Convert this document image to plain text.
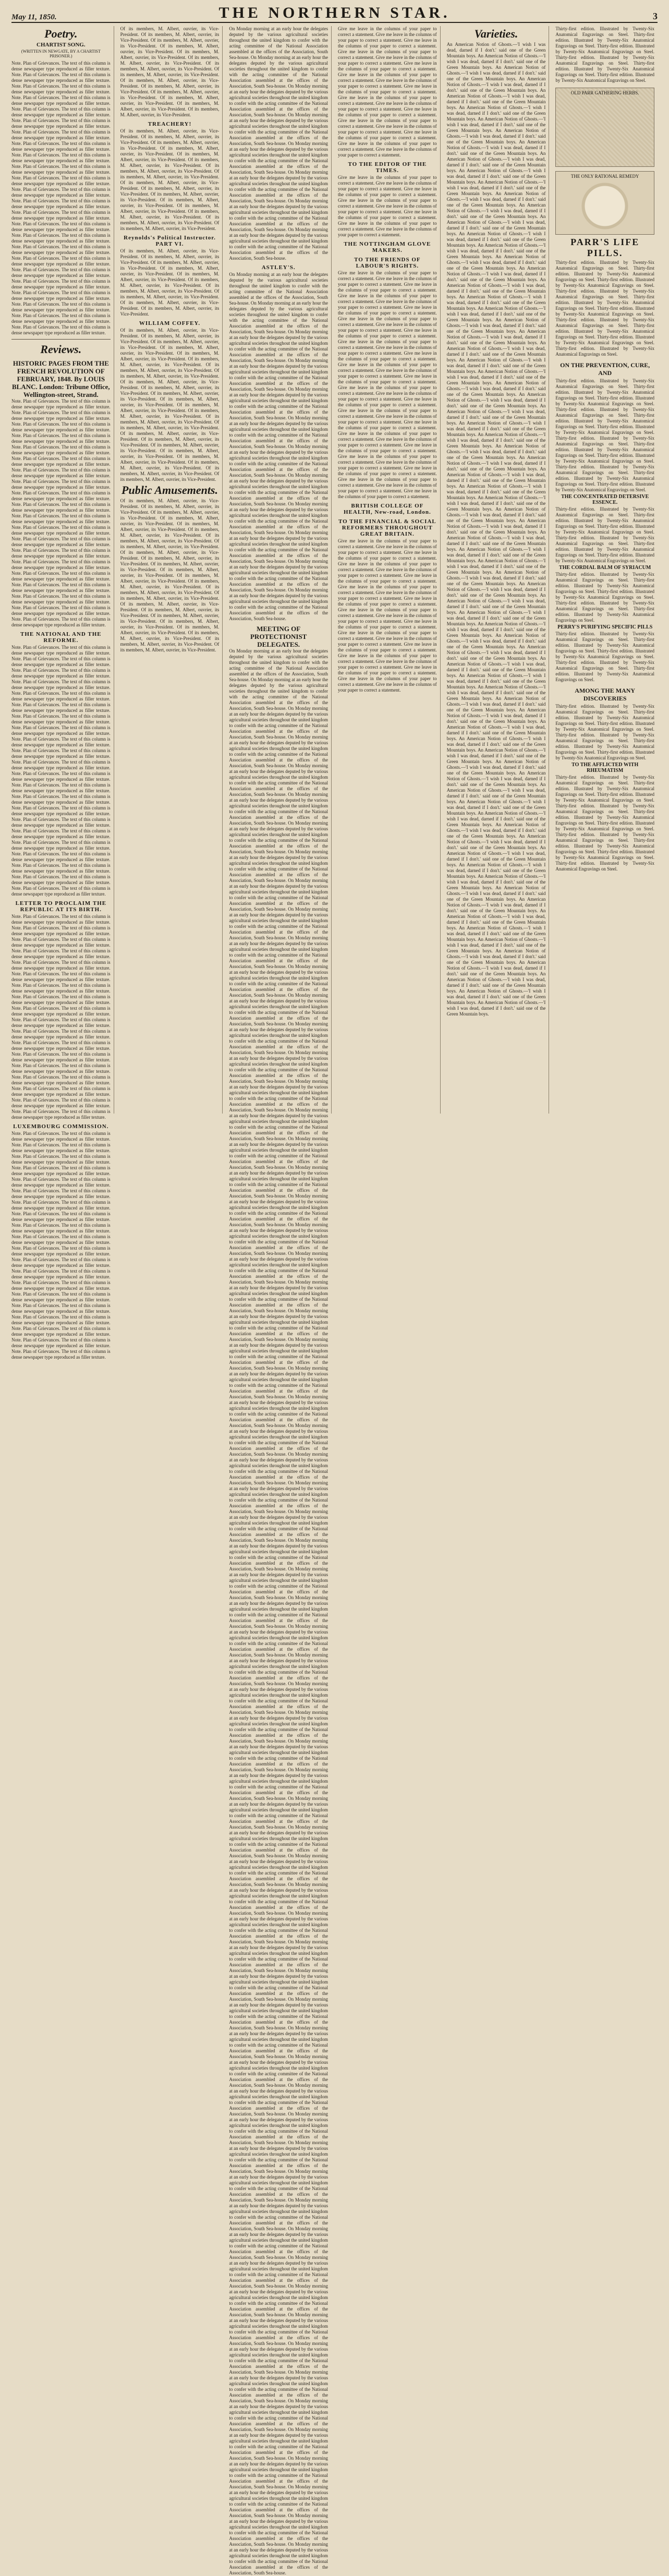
May 11, 1850.	THE NORTHERN STAR.	3
Poetry.
CHARTIST SONG.
(WRITTEN IN NEWGATE, BY A CHARTIST PRISONER.)

Note. Plan of Grievances. The text of this column is dense newspaper type reproduced as filler texture. Note. Plan of Grievances. The text of this column is dense newspaper type reproduced as filler texture. Note. Plan of Grievances. The text of this column is dense newspaper type reproduced as filler texture. Note. Plan of Grievances. The text of this column is dense newspaper type reproduced as filler texture. Note. Plan of Grievances. The text of this column is dense newspaper type reproduced as filler texture. Note. Plan of Grievances. The text of this column is dense newspaper type reproduced as filler texture. Note. Plan of Grievances. The text of this column is dense newspaper type reproduced as filler texture. Note. Plan of Grievances. The text of this column is dense newspaper type reproduced as filler texture. Note. Plan of Grievances. The text of this column is dense newspaper type reproduced as filler texture. Note. Plan of Grievances. The text of this column is dense newspaper type reproduced as filler texture. Note. Plan of Grievances. The text of this column is dense newspaper type reproduced as filler texture. Note. Plan of Grievances. The text of this column is dense newspaper type reproduced as filler texture. Note. Plan of Grievances. The text of this column is dense newspaper type reproduced as filler texture. Note. Plan of Grievances. The text of this column is dense newspaper type reproduced as filler texture. Note. Plan of Grievances. The text of this column is dense newspaper type reproduced as filler texture. Note. Plan of Grievances. The text of this column is dense newspaper type reproduced as filler texture. Note. Plan of Grievances. The text of this column is dense newspaper type reproduced as filler texture. Note. Plan of Grievances. The text of this column is dense newspaper type reproduced as filler texture. Note. Plan of Grievances. The text of this column is dense newspaper type reproduced as filler texture. Note. Plan of Grievances. The text of this column is dense newspaper type reproduced as filler texture. Note. Plan of Grievances. The text of this column is dense newspaper type reproduced as filler texture. Note. Plan of Grievances. The text of this column is dense newspaper type reproduced as filler texture. Note. Plan of Grievances. The text of this column is dense newspaper type reproduced as filler texture. Note. Plan of Grievances. The text of this column is dense newspaper type reproduced as filler texture.

Reviews.
HISTORIC PAGES FROM THE FRENCH REVOLUTION OF FEBRUARY, 1848. By LOUIS BLANC. London: Tribune Office, Wellington-street, Strand.

Note. Plan of Grievances. The text of this column is dense newspaper type reproduced as filler texture. Note. Plan of Grievances. The text of this column is dense newspaper type reproduced as filler texture. Note. Plan of Grievances. The text of this column is dense newspaper type reproduced as filler texture. Note. Plan of Grievances. The text of this column is dense newspaper type reproduced as filler texture. Note. Plan of Grievances. The text of this column is dense newspaper type reproduced as filler texture. Note. Plan of Grievances. The text of this column is dense newspaper type reproduced as filler texture. Note. Plan of Grievances. The text of this column is dense newspaper type reproduced as filler texture. Note. Plan of Grievances. The text of this column is dense newspaper type reproduced as filler texture. Note. Plan of Grievances. The text of this column is dense newspaper type reproduced as filler texture. Note. Plan of Grievances. The text of this column is dense newspaper type reproduced as filler texture. Note. Plan of Grievances. The text of this column is dense newspaper type reproduced as filler texture. Note. Plan of Grievances. The text of this column is dense newspaper type reproduced as filler texture. Note. Plan of Grievances. The text of this column is dense newspaper type reproduced as filler texture. Note. Plan of Grievances. The text of this column is dense newspaper type reproduced as filler texture. Note. Plan of Grievances. The text of this column is dense newspaper type reproduced as filler texture. Note. Plan of Grievances. The text of this column is dense newspaper type reproduced as filler texture. Note. Plan of Grievances. The text of this column is dense newspaper type reproduced as filler texture. Note. Plan of Grievances. The text of this column is dense newspaper type reproduced as filler texture. Note. Plan of Grievances. The text of this column is dense newspaper type reproduced as filler texture. Note. Plan of Grievances. The text of this column is dense newspaper type reproduced as filler texture.

THE NATIONAL AND THE REFORME.

Note. Plan of Grievances. The text of this column is dense newspaper type reproduced as filler texture. Note. Plan of Grievances. The text of this column is dense newspaper type reproduced as filler texture. Note. Plan of Grievances. The text of this column is dense newspaper type reproduced as filler texture. Note. Plan of Grievances. The text of this column is dense newspaper type reproduced as filler texture. Note. Plan of Grievances. The text of this column is dense newspaper type reproduced as filler texture. Note. Plan of Grievances. The text of this column is dense newspaper type reproduced as filler texture. Note. Plan of Grievances. The text of this column is dense newspaper type reproduced as filler texture. Note. Plan of Grievances. The text of this column is dense newspaper type reproduced as filler texture. Note. Plan of Grievances. The text of this column is dense newspaper type reproduced as filler texture. Note. Plan of Grievances. The text of this column is dense newspaper type reproduced as filler texture. Note. Plan of Grievances. The text of this column is dense newspaper type reproduced as filler texture. Note. Plan of Grievances. The text of this column is dense newspaper type reproduced as filler texture. Note. Plan of Grievances. The text of this column is dense newspaper type reproduced as filler texture. Note. Plan of Grievances. The text of this column is dense newspaper type reproduced as filler texture. Note. Plan of Grievances. The text of this column is dense newspaper type reproduced as filler texture. Note. Plan of Grievances. The text of this column is dense newspaper type reproduced as filler texture. Note. Plan of Grievances. The text of this column is dense newspaper type reproduced as filler texture. Note. Plan of Grievances. The text of this column is dense newspaper type reproduced as filler texture. Note. Plan of Grievances. The text of this column is dense newspaper type reproduced as filler texture. Note. Plan of Grievances. The text of this column is dense newspaper type reproduced as filler texture. Note. Plan of Grievances. The text of this column is dense newspaper type reproduced as filler texture. Note. Plan of Grievances. The text of this column is dense newspaper type reproduced as filler texture.

LETTER TO PROCLAIM THE REPUBLIC AT ITS BIRTH.

Note. Plan of Grievances. The text of this column is dense newspaper type reproduced as filler texture. Note. Plan of Grievances. The text of this column is dense newspaper type reproduced as filler texture. Note. Plan of Grievances. The text of this column is dense newspaper type reproduced as filler texture. Note. Plan of Grievances. The text of this column is dense newspaper type reproduced as filler texture. Note. Plan of Grievances. The text of this column is dense newspaper type reproduced as filler texture. Note. Plan of Grievances. The text of this column is dense newspaper type reproduced as filler texture. Note. Plan of Grievances. The text of this column is dense newspaper type reproduced as filler texture. Note. Plan of Grievances. The text of this column is dense newspaper type reproduced as filler texture. Note. Plan of Grievances. The text of this column is dense newspaper type reproduced as filler texture. Note. Plan of Grievances. The text of this column is dense newspaper type reproduced as filler texture. Note. Plan of Grievances. The text of this column is dense newspaper type reproduced as filler texture. Note. Plan of Grievances. The text of this column is dense newspaper type reproduced as filler texture. Note. Plan of Grievances. The text of this column is dense newspaper type reproduced as filler texture. Note. Plan of Grievances. The text of this column is dense newspaper type reproduced as filler texture. Note. Plan of Grievances. The text of this column is dense newspaper type reproduced as filler texture. Note. Plan of Grievances. The text of this column is dense newspaper type reproduced as filler texture. Note. Plan of Grievances. The text of this column is dense newspaper type reproduced as filler texture. Note. Plan of Grievances. The text of this column is dense newspaper type reproduced as filler texture.

LUXEMBOURG COMMISSION.

Note. Plan of Grievances. The text of this column is dense newspaper type reproduced as filler texture. Note. Plan of Grievances. The text of this column is dense newspaper type reproduced as filler texture. Note. Plan of Grievances. The text of this column is dense newspaper type reproduced as filler texture. Note. Plan of Grievances. The text of this column is dense newspaper type reproduced as filler texture. Note. Plan of Grievances. The text of this column is dense newspaper type reproduced as filler texture. Note. Plan of Grievances. The text of this column is dense newspaper type reproduced as filler texture. Note. Plan of Grievances. The text of this column is dense newspaper type reproduced as filler texture. Note. Plan of Grievances. The text of this column is dense newspaper type reproduced as filler texture. Note. Plan of Grievances. The text of this column is dense newspaper type reproduced as filler texture. Note. Plan of Grievances. The text of this column is dense newspaper type reproduced as filler texture. Note. Plan of Grievances. The text of this column is dense newspaper type reproduced as filler texture. Note. Plan of Grievances. The text of this column is dense newspaper type reproduced as filler texture. Note. Plan of Grievances. The text of this column is dense newspaper type reproduced as filler texture. Note. Plan of Grievances. The text of this column is dense newspaper type reproduced as filler texture. Note. Plan of Grievances. The text of this column is dense newspaper type reproduced as filler texture. Note. Plan of Grievances. The text of this column is dense newspaper type reproduced as filler texture. Note. Plan of Grievances. The text of this column is dense newspaper type reproduced as filler texture. Note. Plan of Grievances. The text of this column is dense newspaper type reproduced as filler texture. Note. Plan of Grievances. The text of this column is dense newspaper type reproduced as filler texture. Note. Plan of Grievances. The text of this column is dense newspaper type reproduced as filler texture.

Of its members, M. Albert, ouvrier, its Vice-President. Of its members, M. Albert, ouvrier, its Vice-President. Of its members, M. Albert, ouvrier, its Vice-President. Of its members, M. Albert, ouvrier, its Vice-President. Of its members, M. Albert, ouvrier, its Vice-President. Of its members, M. Albert, ouvrier, its Vice-President. Of its members, M. Albert, ouvrier, its Vice-President. Of its members, M. Albert, ouvrier, its Vice-President. Of its members, M. Albert, ouvrier, its Vice-President. Of its members, M. Albert, ouvrier, its Vice-President. Of its members, M. Albert, ouvrier, its Vice-President. Of its members, M. Albert, ouvrier, its Vice-President. Of its members, M. Albert, ouvrier, its Vice-President. Of its members, M. Albert, ouvrier, its Vice-President.

TREACHERY!

Of its members, M. Albert, ouvrier, its Vice-President. Of its members, M. Albert, ouvrier, its Vice-President. Of its members, M. Albert, ouvrier, its Vice-President. Of its members, M. Albert, ouvrier, its Vice-President. Of its members, M. Albert, ouvrier, its Vice-President. Of its members, M. Albert, ouvrier, its Vice-President. Of its members, M. Albert, ouvrier, its Vice-President. Of its members, M. Albert, ouvrier, its Vice-President. Of its members, M. Albert, ouvrier, its Vice-President. Of its members, M. Albert, ouvrier, its Vice-President. Of its members, M. Albert, ouvrier, its Vice-President. Of its members, M. Albert, ouvrier, its Vice-President. Of its members, M. Albert, ouvrier, its Vice-President. Of its members, M. Albert, ouvrier, its Vice-President. Of its members, M. Albert, ouvrier, its Vice-President. Of its members, M. Albert, ouvrier, its Vice-President.

Reynolds's Political Instructor. PART VI.

Of its members, M. Albert, ouvrier, its Vice-President. Of its members, M. Albert, ouvrier, its Vice-President. Of its members, M. Albert, ouvrier, its Vice-President. Of its members, M. Albert, ouvrier, its Vice-President. Of its members, M. Albert, ouvrier, its Vice-President. Of its members, M. Albert, ouvrier, its Vice-President. Of its members, M. Albert, ouvrier, its Vice-President. Of its members, M. Albert, ouvrier, its Vice-President. Of its members, M. Albert, ouvrier, its Vice-President. Of its members, M. Albert, ouvrier, its Vice-President.

WILLIAM COFFEY.

Of its members, M. Albert, ouvrier, its Vice-President. Of its members, M. Albert, ouvrier, its Vice-President. Of its members, M. Albert, ouvrier, its Vice-President. Of its members, M. Albert, ouvrier, its Vice-President. Of its members, M. Albert, ouvrier, its Vice-President. Of its members, M. Albert, ouvrier, its Vice-President. Of its members, M. Albert, ouvrier, its Vice-President. Of its members, M. Albert, ouvrier, its Vice-President. Of its members, M. Albert, ouvrier, its Vice-President. Of its members, M. Albert, ouvrier, its Vice-President. Of its members, M. Albert, ouvrier, its Vice-President. Of its members, M. Albert, ouvrier, its Vice-President. Of its members, M. Albert, ouvrier, its Vice-President. Of its members, M. Albert, ouvrier, its Vice-President. Of its members, M. Albert, ouvrier, its Vice-President. Of its members, M. Albert, ouvrier, its Vice-President. Of its members, M. Albert, ouvrier, its Vice-President. Of its members, M. Albert, ouvrier, its Vice-President. Of its members, M. Albert, ouvrier, its Vice-President. Of its members, M. Albert, ouvrier, its Vice-President. Of its members, M. Albert, ouvrier, its Vice-President. Of its members, M. Albert, ouvrier, its Vice-President. Of its members, M. Albert, ouvrier, its Vice-President. Of its members, M. Albert, ouvrier, its Vice-President.

Public Amusements.

Of its members, M. Albert, ouvrier, its Vice-President. Of its members, M. Albert, ouvrier, its Vice-President. Of its members, M. Albert, ouvrier, its Vice-President. Of its members, M. Albert, ouvrier, its Vice-President. Of its members, M. Albert, ouvrier, its Vice-President. Of its members, M. Albert, ouvrier, its Vice-President. Of its members, M. Albert, ouvrier, its Vice-President. Of its members, M. Albert, ouvrier, its Vice-President. Of its members, M. Albert, ouvrier, its Vice-President. Of its members, M. Albert, ouvrier, its Vice-President. Of its members, M. Albert, ouvrier, its Vice-President. Of its members, M. Albert, ouvrier, its Vice-President. Of its members, M. Albert, ouvrier, its Vice-President. Of its members, M. Albert, ouvrier, its Vice-President. Of its members, M. Albert, ouvrier, its Vice-President. Of its members, M. Albert, ouvrier, its Vice-President. Of its members, M. Albert, ouvrier, its Vice-President. Of its members, M. Albert, ouvrier, its Vice-President. Of its members, M. Albert, ouvrier, its Vice-President. Of its members, M. Albert, ouvrier, its Vice-President. Of its members, M. Albert, ouvrier, its Vice-President. Of its members, M. Albert, ouvrier, its Vice-President. Of its members, M. Albert, ouvrier, its Vice-President. Of its members, M. Albert, ouvrier, its Vice-President.

On Monday morning at an early hour the delegates deputed by the various agricultural societies throughout the united kingdom to confer with the acting committee of the National Association assembled at the offices of the Association, South Sea-house. On Monday morning at an early hour the delegates deputed by the various agricultural societies throughout the united kingdom to confer with the acting committee of the National Association assembled at the offices of the Association, South Sea-house. On Monday morning at an early hour the delegates deputed by the various agricultural societies throughout the united kingdom to confer with the acting committee of the National Association assembled at the offices of the Association, South Sea-house. On Monday morning at an early hour the delegates deputed by the various agricultural societies throughout the united kingdom to confer with the acting committee of the National Association assembled at the offices of the Association, South Sea-house. On Monday morning at an early hour the delegates deputed by the various agricultural societies throughout the united kingdom to confer with the acting committee of the National Association assembled at the offices of the Association, South Sea-house. On Monday morning at an early hour the delegates deputed by the various agricultural societies throughout the united kingdom to confer with the acting committee of the National Association assembled at the offices of the Association, South Sea-house. On Monday morning at an early hour the delegates deputed by the various agricultural societies throughout the united kingdom to confer with the acting committee of the National Association assembled at the offices of the Association, South Sea-house. On Monday morning at an early hour the delegates deputed by the various agricultural societies throughout the united kingdom to confer with the acting committee of the National Association assembled at the offices of the Association, South Sea-house.

ASTLEY'S.

On Monday morning at an early hour the delegates deputed by the various agricultural societies throughout the united kingdom to confer with the acting committee of the National Association assembled at the offices of the Association, South Sea-house. On Monday morning at an early hour the delegates deputed by the various agricultural societies throughout the united kingdom to confer with the acting committee of the National Association assembled at the offices of the Association, South Sea-house. On Monday morning at an early hour the delegates deputed by the various agricultural societies throughout the united kingdom to confer with the acting committee of the National Association assembled at the offices of the Association, South Sea-house. On Monday morning at an early hour the delegates deputed by the various agricultural societies throughout the united kingdom to confer with the acting committee of the National Association assembled at the offices of the Association, South Sea-house. On Monday morning at an early hour the delegates deputed by the various agricultural societies throughout the united kingdom to confer with the acting committee of the National Association assembled at the offices of the Association, South Sea-house. On Monday morning at an early hour the delegates deputed by the various agricultural societies throughout the united kingdom to confer with the acting committee of the National Association assembled at the offices of the Association, South Sea-house. On Monday morning at an early hour the delegates deputed by the various agricultural societies throughout the united kingdom to confer with the acting committee of the National Association assembled at the offices of the Association, South Sea-house. On Monday morning at an early hour the delegates deputed by the various agricultural societies throughout the united kingdom to confer with the acting committee of the National Association assembled at the offices of the Association, South Sea-house. On Monday morning at an early hour the delegates deputed by the various agricultural societies throughout the united kingdom to confer with the acting committee of the National Association assembled at the offices of the Association, South Sea-house. On Monday morning at an early hour the delegates deputed by the various agricultural societies throughout the united kingdom to confer with the acting committee of the National Association assembled at the offices of the Association, South Sea-house. On Monday morning at an early hour the delegates deputed by the various agricultural societies throughout the united kingdom to confer with the acting committee of the National Association assembled at the offices of the Association, South Sea-house. On Monday morning at an early hour the delegates deputed by the various agricultural societies throughout the united kingdom to confer with the acting committee of the National Association assembled at the offices of the Association, South Sea-house.

MEETING OF PROTECTIONIST DELEGATES.

On Monday morning at an early hour the delegates deputed by the various agricultural societies throughout the united kingdom to confer with the acting committee of the National Association assembled at the offices of the Association, South Sea-house. On Monday morning at an early hour the delegates deputed by the various agricultural societies throughout the united kingdom to confer with the acting committee of the National Association assembled at the offices of the Association, South Sea-house. On Monday morning at an early hour the delegates deputed by the various agricultural societies throughout the united kingdom to confer with the acting committee of the National Association assembled at the offices of the Association, South Sea-house. On Monday morning at an early hour the delegates deputed by the various agricultural societies throughout the united kingdom to confer with the acting committee of the National Association assembled at the offices of the Association, South Sea-house. On Monday morning at an early hour the delegates deputed by the various agricultural societies throughout the united kingdom to confer with the acting committee of the National Association assembled at the offices of the Association, South Sea-house. On Monday morning at an early hour the delegates deputed by the various agricultural societies throughout the united kingdom to confer with the acting committee of the National Association assembled at the offices of the Association, South Sea-house. On Monday morning at an early hour the delegates deputed by the various agricultural societies throughout the united kingdom to confer with the acting committee of the National Association assembled at the offices of the Association, South Sea-house. On Monday morning at an early hour the delegates deputed by the various agricultural societies throughout the united kingdom to confer with the acting committee of the National Association assembled at the offices of the Association, South Sea-house. On Monday morning at an early hour the delegates deputed by the various agricultural societies throughout the united kingdom to confer with the acting committee of the National Association assembled at the offices of the Association, South Sea-house. On Monday morning at an early hour the delegates deputed by the various agricultural societies throughout the united kingdom to confer with the acting committee of the National Association assembled at the offices of the Association, South Sea-house. On Monday morning at an early hour the delegates deputed by the various agricultural societies throughout the united kingdom to confer with the acting committee of the National Association assembled at the offices of the Association, South Sea-house. On Monday morning at an early hour the delegates deputed by the various agricultural societies throughout the united kingdom to confer with the acting committee of the National Association assembled at the offices of the Association, South Sea-house. On Monday morning at an early hour the delegates deputed by the various agricultural societies throughout the united kingdom to confer with the acting committee of the National Association assembled at the offices of the Association, South Sea-house. On Monday morning at an early hour the delegates deputed by the various agricultural societies throughout the united kingdom to confer with the acting committee of the National Association assembled at the offices of the Association, South Sea-house. On Monday morning at an early hour the delegates deputed by the various agricultural societies throughout the united kingdom to confer with the acting committee of the National Association assembled at the offices of the Association, South Sea-house. On Monday morning at an early hour the delegates deputed by the various agricultural societies throughout the united kingdom to confer with the acting committee of the National Association assembled at the offices of the Association, South Sea-house. On Monday morning at an early hour the delegates deputed by the various agricultural societies throughout the united kingdom to confer with the acting committee of the National Association assembled at the offices of the Association, South Sea-house. On Monday morning at an early hour the delegates deputed by the various agricultural societies throughout the united kingdom to confer with the acting committee of the National Association assembled at the offices of the Association, South Sea-house. On Monday morning at an early hour the delegates deputed by the various agricultural societies throughout the united kingdom to confer with the acting committee of the National Association assembled at the offices of the Association, South Sea-house. On Monday morning at an early hour the delegates deputed by the various agricultural societies throughout the united kingdom to confer with the acting committee of the National Association assembled at the offices of the Association, South Sea-house. On Monday morning at an early hour the delegates deputed by the various agricultural societies throughout the united kingdom to confer with the acting committee of the National Association assembled at the offices of the Association, South Sea-house. On Monday morning at an early hour the delegates deputed by the various agricultural societies throughout the united kingdom to confer with the acting committee of the National Association assembled at the offices of the Association, South Sea-house. On Monday morning at an early hour the delegates deputed by the various agricultural societies throughout the united kingdom to confer with the acting committee of the National Association assembled at the offices of the Association, South Sea-house. On Monday morning at an early hour the delegates deputed by the various agricultural societies throughout the united kingdom to confer with the acting committee of the National Association assembled at the offices of the Association, South Sea-house. On Monday morning at an early hour the delegates deputed by the various agricultural societies throughout the united kingdom to confer with the acting committee of the National Association assembled at the offices of the Association, South Sea-house. On Monday morning at an early hour the delegates deputed by the various agricultural societies throughout the united kingdom to confer with the acting committee of the National Association assembled at the offices of the Association, South Sea-house. On Monday morning at an early hour the delegates deputed by the various agricultural societies throughout the united kingdom to confer with the acting committee of the National Association assembled at the offices of the Association, South Sea-house. On Monday morning at an early hour the delegates deputed by the various agricultural societies throughout the united kingdom to confer with the acting committee of the National Association assembled at the offices of the Association, South Sea-house. On Monday morning at an early hour the delegates deputed by the various agricultural societies throughout the united kingdom to confer with the acting committee of the National Association assembled at the offices of the Association, South Sea-house. On Monday morning at an early hour the delegates deputed by the various agricultural societies throughout the united kingdom to confer with the acting committee of the National Association assembled at the offices of the Association, South Sea-house. On Monday morning at an early hour the delegates deputed by the various agricultural societies throughout the united kingdom to confer with the acting committee of the National Association assembled at the offices of the Association, South Sea-house. On Monday morning at an early hour the delegates deputed by the various agricultural societies throughout the united kingdom to confer with the acting committee of the National Association assembled at the offices of the Association, South Sea-house. On Monday morning at an early hour the delegates deputed by the various agricultural societies throughout the united kingdom to confer with the acting committee of the National Association assembled at the offices of the Association, South Sea-house. On Monday morning at an early hour the delegates deputed by the various agricultural societies throughout the united kingdom to confer with the acting committee of the National Association assembled at the offices of the Association, South Sea-house. On Monday morning at an early hour the delegates deputed by the various agricultural societies throughout the united kingdom to confer with the acting committee of the National Association assembled at the offices of the Association, South Sea-house. On Monday morning at an early hour the delegates deputed by the various agricultural societies throughout the united kingdom to confer with the acting committee of the National Association assembled at the offices of the Association, South Sea-house. On Monday morning at an early hour the delegates deputed by the various agricultural societies throughout the united kingdom to confer with the acting committee of the National Association assembled at the offices of the Association, South Sea-house. On Monday morning at an early hour the delegates deputed by the various agricultural societies throughout the united kingdom to confer with the acting committee of the National Association assembled at the offices of the Association, South Sea-house. On Monday morning at an early hour the delegates deputed by the various agricultural societies throughout the united kingdom to confer with the acting committee of the National Association assembled at the offices of the Association, South Sea-house. On Monday morning at an early hour the delegates deputed by the various agricultural societies throughout the united kingdom to confer with the acting committee of the National Association assembled at the offices of the Association, South Sea-house. On Monday morning at an early hour the delegates deputed by the various agricultural societies throughout the united kingdom to confer with the acting committee of the National Association assembled at the offices of the Association, South Sea-house. On Monday morning at an early hour the delegates deputed by the various agricultural societies throughout the united kingdom to confer with the acting committee of the National Association assembled at the offices of the Association, South Sea-house. On Monday morning at an early hour the delegates deputed by the various agricultural societies throughout the united kingdom to confer with the acting committee of the National Association assembled at the offices of the Association, South Sea-house. On Monday morning at an early hour the delegates deputed by the various agricultural societies throughout the united kingdom to confer with the acting committee of the National Association assembled at the offices of the Association, South Sea-house. On Monday morning at an early hour the delegates deputed by the various agricultural societies throughout the united kingdom to confer with the acting committee of the National Association assembled at the offices of the Association, South Sea-house. On Monday morning at an early hour the delegates deputed by the various agricultural societies throughout the united kingdom to confer with the acting committee of the National Association assembled at the offices of the Association, South Sea-house. On Monday morning at an early hour the delegates deputed by the various agricultural societies throughout the united kingdom to confer with the acting committee of the National Association assembled at the offices of the Association, South Sea-house. On Monday morning at an early hour the delegates deputed by the various agricultural societies throughout the united kingdom to confer with the acting committee of the National Association assembled at the offices of the Association, South Sea-house. On Monday morning at an early hour the delegates deputed by the various agricultural societies throughout the united kingdom to confer with the acting committee of the National Association assembled at the offices of the Association, South Sea-house. On Monday morning at an early hour the delegates deputed by the various agricultural societies throughout the united kingdom to confer with the acting committee of the National Association assembled at the offices of the Association, South Sea-house. On Monday morning at an early hour the delegates deputed by the various agricultural societies throughout the united kingdom to confer with the acting committee of the National Association assembled at the offices of the Association, South Sea-house. On Monday morning at an early hour the delegates deputed by the various agricultural societies throughout the united kingdom to confer with the acting committee of the National Association assembled at the offices of the Association, South Sea-house. On Monday morning at an early hour the delegates deputed by the various agricultural societies throughout the united kingdom to confer with the acting committee of the National Association assembled at the offices of the Association, South Sea-house. On Monday morning at an early hour the delegates deputed by the various agricultural societies throughout the united kingdom to confer with the acting committee of the National Association assembled at the offices of the Association, South Sea-house. On Monday morning at an early hour the delegates deputed by the various agricultural societies throughout the united kingdom to confer with the acting committee of the National Association assembled at the offices of the Association, South Sea-house. On Monday morning at an early hour the delegates deputed by the various agricultural societies throughout the united kingdom to confer with the acting committee of the National Association assembled at the offices of the Association, South Sea-house. On Monday morning at an early hour the delegates deputed by the various agricultural societies throughout the united kingdom to confer with the acting committee of the National Association assembled at the offices of the Association, South Sea-house. On Monday morning at an early hour the delegates deputed by the various agricultural societies throughout the united kingdom to confer with the acting committee of the National Association assembled at the offices of the Association, South Sea-house. On Monday morning at an early hour the delegates deputed by the various agricultural societies throughout the united kingdom to confer with the acting committee of the National Association assembled at the offices of the Association, South Sea-house. On Monday morning at an early hour the delegates deputed by the various agricultural societies throughout the united kingdom to confer with the acting committee of the National Association assembled at the offices of the Association, South Sea-house. On Monday morning at an early hour the delegates deputed by the various agricultural societies throughout the united kingdom to confer with the acting committee of the National Association assembled at the offices of the Association, South Sea-house. On Monday morning at an early hour the delegates deputed by the various agricultural societies throughout the united kingdom to confer with the acting committee of the National Association assembled at the offices of the Association, South Sea-house. On Monday morning at an early hour the delegates deputed by the various agricultural societies throughout the united kingdom to confer with the acting committee of the National Association assembled at the offices of the Association, South Sea-house. On Monday morning at an early hour the delegates deputed by the various agricultural societies throughout the united kingdom to confer with the acting committee of the National Association assembled at the offices of the Association, South Sea-house. On Monday morning at an early hour the delegates deputed by the various agricultural societies throughout the united kingdom to confer with the acting committee of the National Association assembled at the offices of the Association, South Sea-house. On Monday morning at an early hour the delegates deputed by the various agricultural societies throughout the united kingdom to confer with the acting committee of the National Association assembled at the offices of the Association, South Sea-house. On Monday morning at an early hour the delegates deputed by the various agricultural societies throughout the united kingdom to confer with the acting committee of the National Association assembled at the offices of the Association, South Sea-house.

Give me leave in the columns of your paper to correct a statement. Give me leave in the columns of your paper to correct a statement. Give me leave in the columns of your paper to correct a statement. Give me leave in the columns of your paper to correct a statement. Give me leave in the columns of your paper to correct a statement. Give me leave in the columns of your paper to correct a statement. Give me leave in the columns of your paper to correct a statement. Give me leave in the columns of your paper to correct a statement. Give me leave in the columns of your paper to correct a statement. Give me leave in the columns of your paper to correct a statement. Give me leave in the columns of your paper to correct a statement. Give me leave in the columns of your paper to correct a statement. Give me leave in the columns of your paper to correct a statement. Give me leave in the columns of your paper to correct a statement. Give me leave in the columns of your paper to correct a statement. Give me leave in the columns of your paper to correct a statement. Give me leave in the columns of your paper to correct a statement.

TO THE EDITOR OF THE TIMES.

Give me leave in the columns of your paper to correct a statement. Give me leave in the columns of your paper to correct a statement. Give me leave in the columns of your paper to correct a statement. Give me leave in the columns of your paper to correct a statement. Give me leave in the columns of your paper to correct a statement. Give me leave in the columns of your paper to correct a statement. Give me leave in the columns of your paper to correct a statement. Give me leave in the columns of your paper to correct a statement.

THE NOTTINGHAM GLOVE MAKERS.
TO THE FRIENDS OF LABOUR'S RIGHTS.

Give me leave in the columns of your paper to correct a statement. Give me leave in the columns of your paper to correct a statement. Give me leave in the columns of your paper to correct a statement. Give me leave in the columns of your paper to correct a statement. Give me leave in the columns of your paper to correct a statement. Give me leave in the columns of your paper to correct a statement. Give me leave in the columns of your paper to correct a statement. Give me leave in the columns of your paper to correct a statement. Give me leave in the columns of your paper to correct a statement. Give me leave in the columns of your paper to correct a statement. Give me leave in the columns of your paper to correct a statement. Give me leave in the columns of your paper to correct a statement. Give me leave in the columns of your paper to correct a statement. Give me leave in the columns of your paper to correct a statement. Give me leave in the columns of your paper to correct a statement. Give me leave in the columns of your paper to correct a statement. Give me leave in the columns of your paper to correct a statement. Give me leave in the columns of your paper to correct a statement. Give me leave in the columns of your paper to correct a statement. Give me leave in the columns of your paper to correct a statement. Give me leave in the columns of your paper to correct a statement. Give me leave in the columns of your paper to correct a statement. Give me leave in the columns of your paper to correct a statement. Give me leave in the columns of your paper to correct a statement. Give me leave in the columns of your paper to correct a statement. Give me leave in the columns of your paper to correct a statement. Give me leave in the columns of your paper to correct a statement. Give me leave in the columns of your paper to correct a statement. Give me leave in the columns of your paper to correct a statement. Give me leave in the columns of your paper to correct a statement.

BRITISH COLLEGE OF HEALTH, New-road, London.
TO THE FINANCIAL & SOCIAL REFORMERS THROUGHOUT GREAT BRITAIN.

Give me leave in the columns of your paper to correct a statement. Give me leave in the columns of your paper to correct a statement. Give me leave in the columns of your paper to correct a statement. Give me leave in the columns of your paper to correct a statement. Give me leave in the columns of your paper to correct a statement. Give me leave in the columns of your paper to correct a statement. Give me leave in the columns of your paper to correct a statement. Give me leave in the columns of your paper to correct a statement. Give me leave in the columns of your paper to correct a statement. Give me leave in the columns of your paper to correct a statement. Give me leave in the columns of your paper to correct a statement. Give me leave in the columns of your paper to correct a statement. Give me leave in the columns of your paper to correct a statement. Give me leave in the columns of your paper to correct a statement. Give me leave in the columns of your paper to correct a statement. Give me leave in the columns of your paper to correct a statement. Give me leave in the columns of your paper to correct a statement. Give me leave in the columns of your paper to correct a statement. Give me leave in the columns of your paper to correct a statement. Give me leave in the columns of your paper to correct a statement.

Varieties.

An American Notion of Ghosts.—'I wish I was dead, darned if I don't.' said one of the Green Mountain boys. An American Notion of Ghosts.—'I wish I was dead, darned if I don't.' said one of the Green Mountain boys. An American Notion of Ghosts.—'I wish I was dead, darned if I don't.' said one of the Green Mountain boys. An American Notion of Ghosts.—'I wish I was dead, darned if I don't.' said one of the Green Mountain boys. An American Notion of Ghosts.—'I wish I was dead, darned if I don't.' said one of the Green Mountain boys. An American Notion of Ghosts.—'I wish I was dead, darned if I don't.' said one of the Green Mountain boys. An American Notion of Ghosts.—'I wish I was dead, darned if I don't.' said one of the Green Mountain boys. An American Notion of Ghosts.—'I wish I was dead, darned if I don't.' said one of the Green Mountain boys. An American Notion of Ghosts.—'I wish I was dead, darned if I don't.' said one of the Green Mountain boys. An American Notion of Ghosts.—'I wish I was dead, darned if I don't.' said one of the Green Mountain boys. An American Notion of Ghosts.—'I wish I was dead, darned if I don't.' said one of the Green Mountain boys. An American Notion of Ghosts.—'I wish I was dead, darned if I don't.' said one of the Green Mountain boys. An American Notion of Ghosts.—'I wish I was dead, darned if I don't.' said one of the Green Mountain boys. An American Notion of Ghosts.—'I wish I was dead, darned if I don't.' said one of the Green Mountain boys. An American Notion of Ghosts.—'I wish I was dead, darned if I don't.' said one of the Green Mountain boys. An American Notion of Ghosts.—'I wish I was dead, darned if I don't.' said one of the Green Mountain boys. An American Notion of Ghosts.—'I wish I was dead, darned if I don't.' said one of the Green Mountain boys. An American Notion of Ghosts.—'I wish I was dead, darned if I don't.' said one of the Green Mountain boys. An American Notion of Ghosts.—'I wish I was dead, darned if I don't.' said one of the Green Mountain boys. An American Notion of Ghosts.—'I wish I was dead, darned if I don't.' said one of the Green Mountain boys. An American Notion of Ghosts.—'I wish I was dead, darned if I don't.' said one of the Green Mountain boys. An American Notion of Ghosts.—'I wish I was dead, darned if I don't.' said one of the Green Mountain boys. An American Notion of Ghosts.—'I wish I was dead, darned if I don't.' said one of the Green Mountain boys. An American Notion of Ghosts.—'I wish I was dead, darned if I don't.' said one of the Green Mountain boys. An American Notion of Ghosts.—'I wish I was dead, darned if I don't.' said one of the Green Mountain boys. An American Notion of Ghosts.—'I wish I was dead, darned if I don't.' said one of the Green Mountain boys. An American Notion of Ghosts.—'I wish I was dead, darned if I don't.' said one of the Green Mountain boys. An American Notion of Ghosts.—'I wish I was dead, darned if I don't.' said one of the Green Mountain boys. An American Notion of Ghosts.—'I wish I was dead, darned if I don't.' said one of the Green Mountain boys. An American Notion of Ghosts.—'I wish I was dead, darned if I don't.' said one of the Green Mountain boys. An American Notion of Ghosts.—'I wish I was dead, darned if I don't.' said one of the Green Mountain boys. An American Notion of Ghosts.—'I wish I was dead, darned if I don't.' said one of the Green Mountain boys. An American Notion of Ghosts.—'I wish I was dead, darned if I don't.' said one of the Green Mountain boys. An American Notion of Ghosts.—'I wish I was dead, darned if I don't.' said one of the Green Mountain boys. An American Notion of Ghosts.—'I wish I was dead, darned if I don't.' said one of the Green Mountain boys. An American Notion of Ghosts.—'I wish I was dead, darned if I don't.' said one of the Green Mountain boys. An American Notion of Ghosts.—'I wish I was dead, darned if I don't.' said one of the Green Mountain boys. An American Notion of Ghosts.—'I wish I was dead, darned if I don't.' said one of the Green Mountain boys. An American Notion of Ghosts.—'I wish I was dead, darned if I don't.' said one of the Green Mountain boys. An American Notion of Ghosts.—'I wish I was dead, darned if I don't.' said one of the Green Mountain boys. An American Notion of Ghosts.—'I wish I was dead, darned if I don't.' said one of the Green Mountain boys. An American Notion of Ghosts.—'I wish I was dead, darned if I don't.' said one of the Green Mountain boys. An American Notion of Ghosts.—'I wish I was dead, darned if I don't.' said one of the Green Mountain boys. An American Notion of Ghosts.—'I wish I was dead, darned if I don't.' said one of the Green Mountain boys. An American Notion of Ghosts.—'I wish I was dead, darned if I don't.' said one of the Green Mountain boys. An American Notion of Ghosts.—'I wish I was dead, darned if I don't.' said one of the Green Mountain boys. An American Notion of Ghosts.—'I wish I was dead, darned if I don't.' said one of the Green Mountain boys. An American Notion of Ghosts.—'I wish I was dead, darned if I don't.' said one of the Green Mountain boys. An American Notion of Ghosts.—'I wish I was dead, darned if I don't.' said one of the Green Mountain boys. An American Notion of Ghosts.—'I wish I was dead, darned if I don't.' said one of the Green Mountain boys. An American Notion of Ghosts.—'I wish I was dead, darned if I don't.' said one of the Green Mountain boys. An American Notion of Ghosts.—'I wish I was dead, darned if I don't.' said one of the Green Mountain boys. An American Notion of Ghosts.—'I wish I was dead, darned if I don't.' said one of the Green Mountain boys. An American Notion of Ghosts.—'I wish I was dead, darned if I don't.' said one of the Green Mountain boys. An American Notion of Ghosts.—'I wish I was dead, darned if I don't.' said one of the Green Mountain boys. An American Notion of Ghosts.—'I wish I was dead, darned if I don't.' said one of the Green Mountain boys. An American Notion of Ghosts.—'I wish I was dead, darned if I don't.' said one of the Green Mountain boys. An American Notion of Ghosts.—'I wish I was dead, darned if I don't.' said one of the Green Mountain boys. An American Notion of Ghosts.—'I wish I was dead, darned if I don't.' said one of the Green Mountain boys. An American Notion of Ghosts.—'I wish I was dead, darned if I don't.' said one of the Green Mountain boys. An American Notion of Ghosts.—'I wish I was dead, darned if I don't.' said one of the Green Mountain boys. An American Notion of Ghosts.—'I wish I was dead, darned if I don't.' said one of the Green Mountain boys. An American Notion of Ghosts.—'I wish I was dead, darned if I don't.' said one of the Green Mountain boys. An American Notion of Ghosts.—'I wish I was dead, darned if I don't.' said one of the Green Mountain boys. An American Notion of Ghosts.—'I wish I was dead, darned if I don't.' said one of the Green Mountain boys. An American Notion of Ghosts.—'I wish I was dead, darned if I don't.' said one of the Green Mountain boys. An American Notion of Ghosts.—'I wish I was dead, darned if I don't.' said one of the Green Mountain boys. An American Notion of Ghosts.—'I wish I was dead, darned if I don't.' said one of the Green Mountain boys. An American Notion of Ghosts.—'I wish I was dead, darned if I don't.' said one of the Green Mountain boys. An American Notion of Ghosts.—'I wish I was dead, darned if I don't.' said one of the Green Mountain boys. An American Notion of Ghosts.—'I wish I was dead, darned if I don't.' said one of the Green Mountain boys. An American Notion of Ghosts.—'I wish I was dead, darned if I don't.' said one of the Green Mountain boys. An American Notion of Ghosts.—'I wish I was dead, darned if I don't.' said one of the Green Mountain boys. An American Notion of Ghosts.—'I wish I was dead, darned if I don't.' said one of the Green Mountain boys. An American Notion of Ghosts.—'I wish I was dead, darned if I don't.' said one of the Green Mountain boys. An American Notion of Ghosts.—'I wish I was dead, darned if I don't.' said one of the Green Mountain boys. An American Notion of Ghosts.—'I wish I was dead, darned if I don't.' said one of the Green Mountain boys.

Thirty-first edition. Illustrated by Twenty-Six Anatomical Engravings on Steel. Thirty-first edition. Illustrated by Twenty-Six Anatomical Engravings on Steel. Thirty-first edition. Illustrated by Twenty-Six Anatomical Engravings on Steel. Thirty-first edition. Illustrated by Twenty-Six Anatomical Engravings on Steel. Thirty-first edition. Illustrated by Twenty-Six Anatomical Engravings on Steel. Thirty-first edition. Illustrated by Twenty-Six Anatomical Engravings on Steel.

OLD PARR GATHERING HERBS.
THE ONLY RATIONAL REMEDY
PARR'S LIFE PILLS.

Thirty-first edition. Illustrated by Twenty-Six Anatomical Engravings on Steel. Thirty-first edition. Illustrated by Twenty-Six Anatomical Engravings on Steel. Thirty-first edition. Illustrated by Twenty-Six Anatomical Engravings on Steel. Thirty-first edition. Illustrated by Twenty-Six Anatomical Engravings on Steel. Thirty-first edition. Illustrated by Twenty-Six Anatomical Engravings on Steel. Thirty-first edition. Illustrated by Twenty-Six Anatomical Engravings on Steel. Thirty-first edition. Illustrated by Twenty-Six Anatomical Engravings on Steel. Thirty-first edition. Illustrated by Twenty-Six Anatomical Engravings on Steel. Thirty-first edition. Illustrated by Twenty-Six Anatomical Engravings on Steel. Thirty-first edition. Illustrated by Twenty-Six Anatomical Engravings on Steel.

ON THE PREVENTION, CURE, AND

Thirty-first edition. Illustrated by Twenty-Six Anatomical Engravings on Steel. Thirty-first edition. Illustrated by Twenty-Six Anatomical Engravings on Steel. Thirty-first edition. Illustrated by Twenty-Six Anatomical Engravings on Steel. Thirty-first edition. Illustrated by Twenty-Six Anatomical Engravings on Steel. Thirty-first edition. Illustrated by Twenty-Six Anatomical Engravings on Steel. Thirty-first edition. Illustrated by Twenty-Six Anatomical Engravings on Steel. Thirty-first edition. Illustrated by Twenty-Six Anatomical Engravings on Steel. Thirty-first edition. Illustrated by Twenty-Six Anatomical Engravings on Steel. Thirty-first edition. Illustrated by Twenty-Six Anatomical Engravings on Steel. Thirty-first edition. Illustrated by Twenty-Six Anatomical Engravings on Steel. Thirty-first edition. Illustrated by Twenty-Six Anatomical Engravings on Steel. Thirty-first edition. Illustrated by Twenty-Six Anatomical Engravings on Steel.

THE CONCENTRATED DETERSIVE ESSENCE.

Thirty-first edition. Illustrated by Twenty-Six Anatomical Engravings on Steel. Thirty-first edition. Illustrated by Twenty-Six Anatomical Engravings on Steel. Thirty-first edition. Illustrated by Twenty-Six Anatomical Engravings on Steel. Thirty-first edition. Illustrated by Twenty-Six Anatomical Engravings on Steel. Thirty-first edition. Illustrated by Twenty-Six Anatomical Engravings on Steel. Thirty-first edition. Illustrated by Twenty-Six Anatomical Engravings on Steel.

THE CORDIAL BALM OF SYRIACUM

Thirty-first edition. Illustrated by Twenty-Six Anatomical Engravings on Steel. Thirty-first edition. Illustrated by Twenty-Six Anatomical Engravings on Steel. Thirty-first edition. Illustrated by Twenty-Six Anatomical Engravings on Steel. Thirty-first edition. Illustrated by Twenty-Six Anatomical Engravings on Steel. Thirty-first edition. Illustrated by Twenty-Six Anatomical Engravings on Steel.

PERRY'S PURIFYING SPECIFIC PILLS

Thirty-first edition. Illustrated by Twenty-Six Anatomical Engravings on Steel. Thirty-first edition. Illustrated by Twenty-Six Anatomical Engravings on Steel. Thirty-first edition. Illustrated by Twenty-Six Anatomical Engravings on Steel. Thirty-first edition. Illustrated by Twenty-Six Anatomical Engravings on Steel. Thirty-first edition. Illustrated by Twenty-Six Anatomical Engravings on Steel.

AMONG THE MANY DISCOVERIES

Thirty-first edition. Illustrated by Twenty-Six Anatomical Engravings on Steel. Thirty-first edition. Illustrated by Twenty-Six Anatomical Engravings on Steel. Thirty-first edition. Illustrated by Twenty-Six Anatomical Engravings on Steel. Thirty-first edition. Illustrated by Twenty-Six Anatomical Engravings on Steel. Thirty-first edition. Illustrated by Twenty-Six Anatomical Engravings on Steel. Thirty-first edition. Illustrated by Twenty-Six Anatomical Engravings on Steel.

TO THE AFFLICTED WITH RHEUMATISM

Thirty-first edition. Illustrated by Twenty-Six Anatomical Engravings on Steel. Thirty-first edition. Illustrated by Twenty-Six Anatomical Engravings on Steel. Thirty-first edition. Illustrated by Twenty-Six Anatomical Engravings on Steel. Thirty-first edition. Illustrated by Twenty-Six Anatomical Engravings on Steel. Thirty-first edition. Illustrated by Twenty-Six Anatomical Engravings on Steel. Thirty-first edition. Illustrated by Twenty-Six Anatomical Engravings on Steel. Thirty-first edition. Illustrated by Twenty-Six Anatomical Engravings on Steel. Thirty-first edition. Illustrated by Twenty-Six Anatomical Engravings on Steel. Thirty-first edition. Illustrated by Twenty-Six Anatomical Engravings on Steel. Thirty-first edition. Illustrated by Twenty-Six Anatomical Engravings on Steel.
